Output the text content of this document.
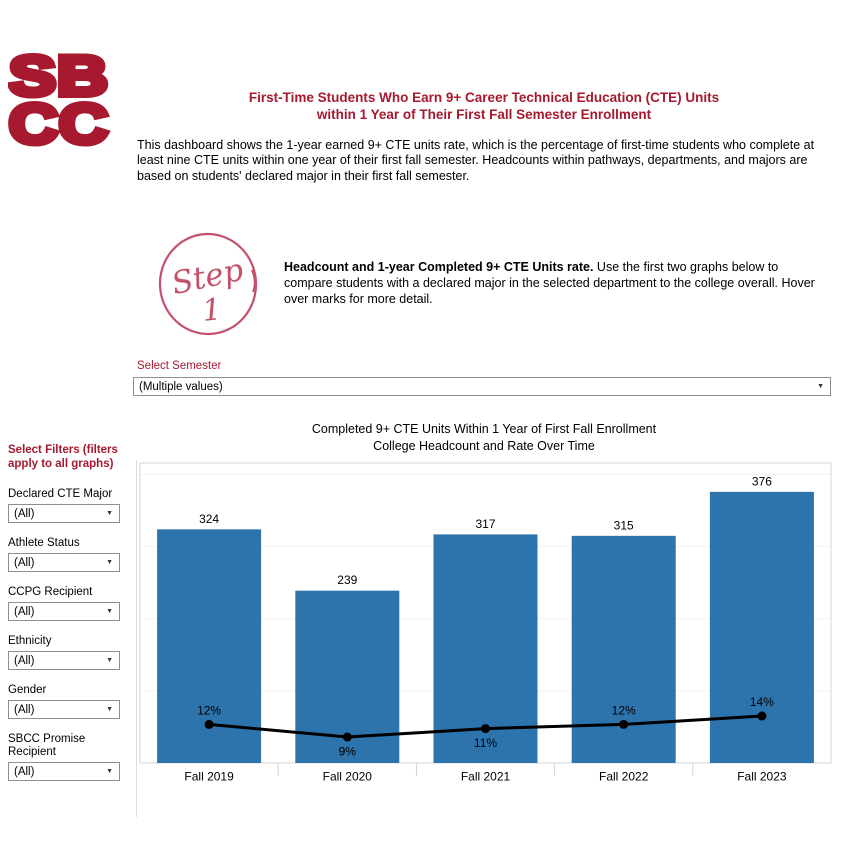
SB
CC	First-Time Students Who Earn 9+ Career Technical Education (CTE) Units
within 1 Year of Their First Fall Semester Enrollment
This dashboard shows the 1-year earned 9+ CTE units rate, which is the percentage of first-time students who complete at least nine CTE units within one year of their first fall semester. Headcounts within pathways, departments, and majors are based on students' declared major in their first fall semester.
Step
1

Headcount and 1-year Completed 9+ CTE Units rate. Use the first two graphs below to compare students with a declared major in the selected department to the college overall. Hover over marks for more detail.

Select Semester
(Multiple values)	▼
Select Filters (filters apply to all graphs)
Declared CTE Major
(All)	▼
Athlete Status
(All)	▼
CCPG Recipient
(All)	▼
Ethnicity
(All)	▼
Gender
(All)	▼
SBCC Promise Recipient
(All)	▼
Completed 9+ CTE Units Within 1 Year of First Fall Enrollment
College Headcount and Rate Over Time
324
239
317	315
376
12%
9%
11%
12%
14%
Fall 2019	Fall 2020	Fall 2021	Fall 2022	Fall 2023
